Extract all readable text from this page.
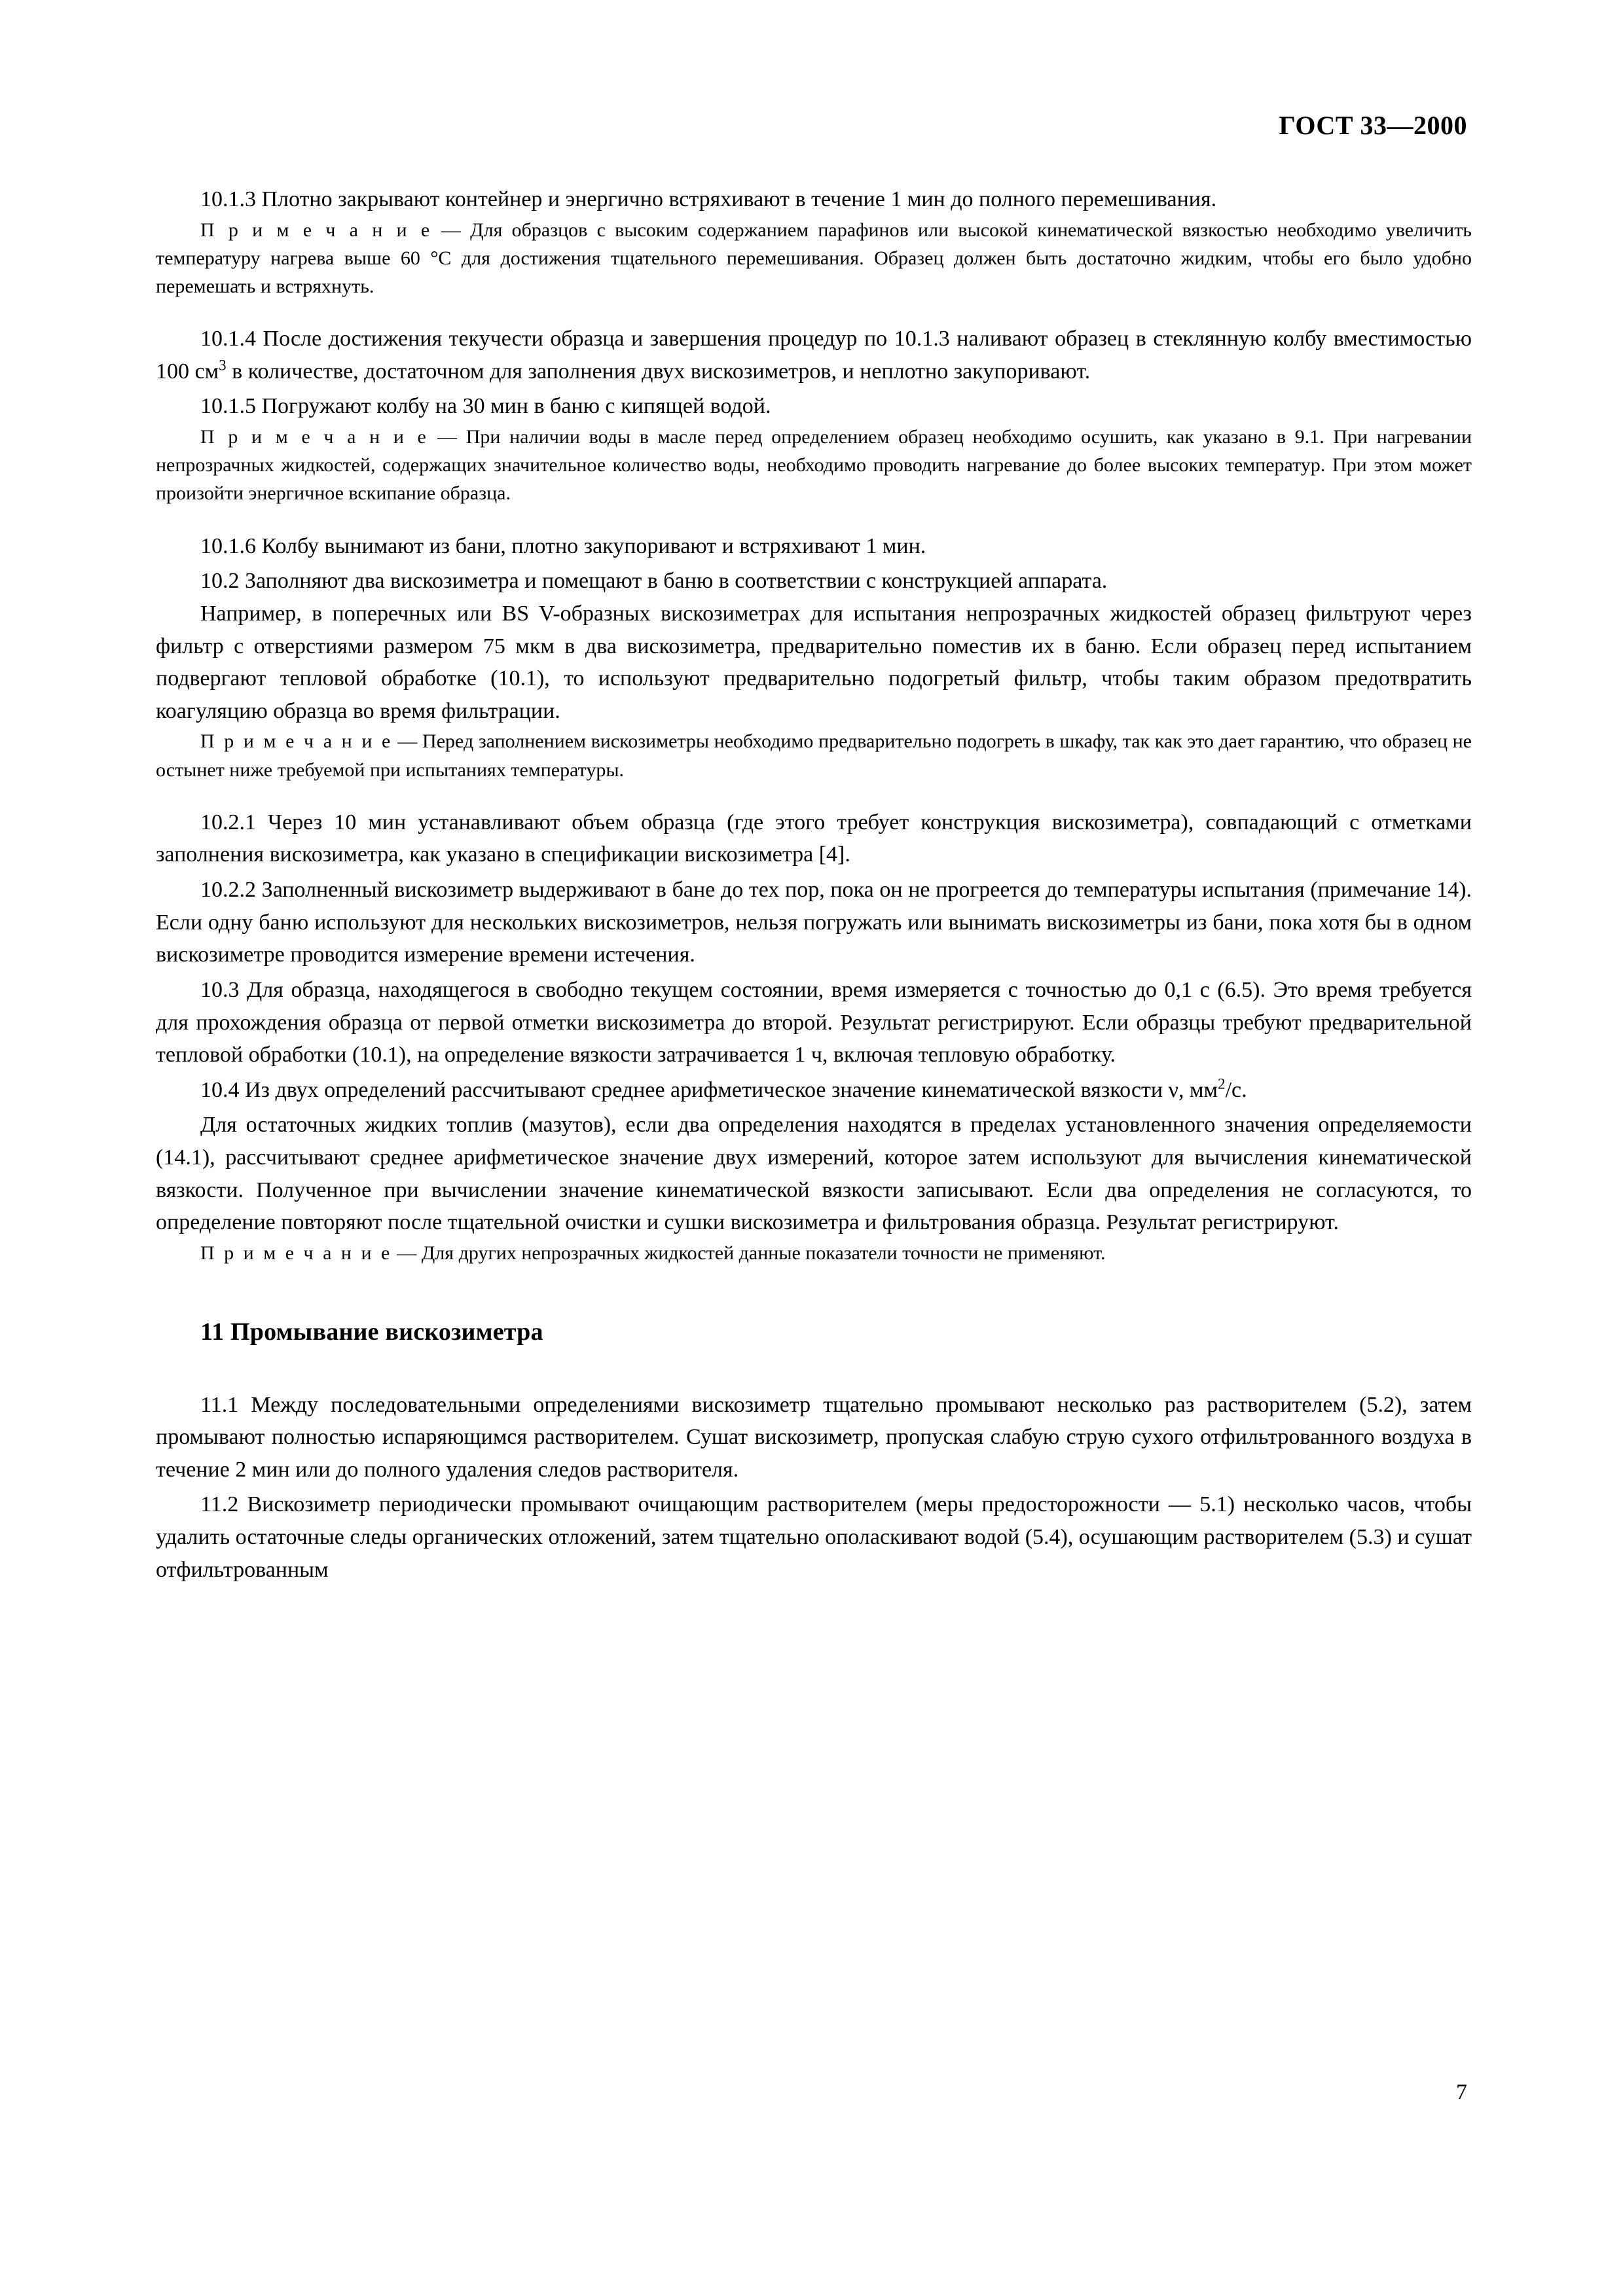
ГОСТ 33—2000

10.1.3 Плотно закрывают контейнер и энергично встряхивают в течение 1 мин до полного перемешивания.

П р и м е ч а н и е — Для образцов с высоким содержанием парафинов или высокой кинематической вязкостью необходимо увеличить температуру нагрева выше 60 °C для достижения тщательного перемешивания. Образец должен быть достаточно жидким, чтобы его было удобно перемешать и встряхнуть.

10.1.4 После достижения текучести образца и завершения процедур по 10.1.3 наливают образец в стеклянную колбу вместимостью 100 $см^3$ в количестве, достаточном для заполнения двух вискозиметров, и неплотно закупоривают.

10.1.5 Погружают колбу на 30 мин в баню с кипящей водой.

П р и м е ч а н и е — При наличии воды в масле перед определением образец необходимо осушить, как указано в 9.1. При нагревании непрозрачных жидкостей, содержащих значительное количество воды, необходимо проводить нагревание до более высоких температур. При этом может произойти энергичное вскипание образца.

10.1.6 Колбу вынимают из бани, плотно закупоривают и встряхивают 1 мин.

10.2 Заполняют два вискозиметра и помещают в баню в соответствии с конструкцией аппарата.

Например, в поперечных или BS V-образных вискозиметрах для испытания непрозрачных жидкостей образец фильтруют через фильтр с отверстиями размером 75 мкм в два вискозиметра, предварительно поместив их в баню. Если образец перед испытанием подвергают тепловой обработке (10.1), то используют предварительно подогретый фильтр, чтобы таким образом предотвратить коагуляцию образца во время фильтрации.

П р и м е ч а н и е — Перед заполнением вискозиметры необходимо предварительно подогреть в шкафу, так как это дает гарантию, что образец не остынет ниже требуемой при испытаниях температуры.

10.2.1 Через 10 мин устанавливают объем образца (где этого требует конструкция вискозиметра), совпадающий с отметками заполнения вискозиметра, как указано в спецификации вискозиметра [4].

10.2.2 Заполненный вискозиметр выдерживают в бане до тех пор, пока он не прогреется до температуры испытания (примечание 14). Если одну баню используют для нескольких вискозиметров, нельзя погружать или вынимать вискозиметры из бани, пока хотя бы в одном вискозиметре проводится измерение времени истечения.

10.3 Для образца, находящегося в свободно текущем состоянии, время измеряется с точностью до 0,1 с (6.5). Это время требуется для прохождения образца от первой отметки вискозиметра до второй. Результат регистрируют. Если образцы требуют предварительной тепловой обработки (10.1), на определение вязкости затрачивается 1 ч, включая тепловую обработку.

10.4 Из двух определений рассчитывают среднее арифметическое значение кинематической вязкости ν, $мм^2/с$.

Для остаточных жидких топлив (мазутов), если два определения находятся в пределах установленного значения определяемости (14.1), рассчитывают среднее арифметическое значение двух измерений, которое затем используют для вычисления кинематической вязкости. Полученное при вычислении значение кинематической вязкости записывают. Если два определения не согласуются, то определение повторяют после тщательной очистки и сушки вискозиметра и фильтрования образца. Результат регистрируют.

П р и м е ч а н и е — Для других непрозрачных жидкостей данные показатели точности не применяют.

11 Промывание вискозиметра

11.1 Между последовательными определениями вискозиметр тщательно промывают несколько раз растворителем (5.2), затем промывают полностью испаряющимся растворителем. Сушат вискозиметр, пропуская слабую струю сухого отфильтрованного воздуха в течение 2 мин или до полного удаления следов растворителя.

11.2 Вискозиметр периодически промывают очищающим растворителем (меры предосторожности — 5.1) несколько часов, чтобы удалить остаточные следы органических отложений, затем тщательно ополаскивают водой (5.4), осушающим растворителем (5.3) и сушат отфильтрованным

7
